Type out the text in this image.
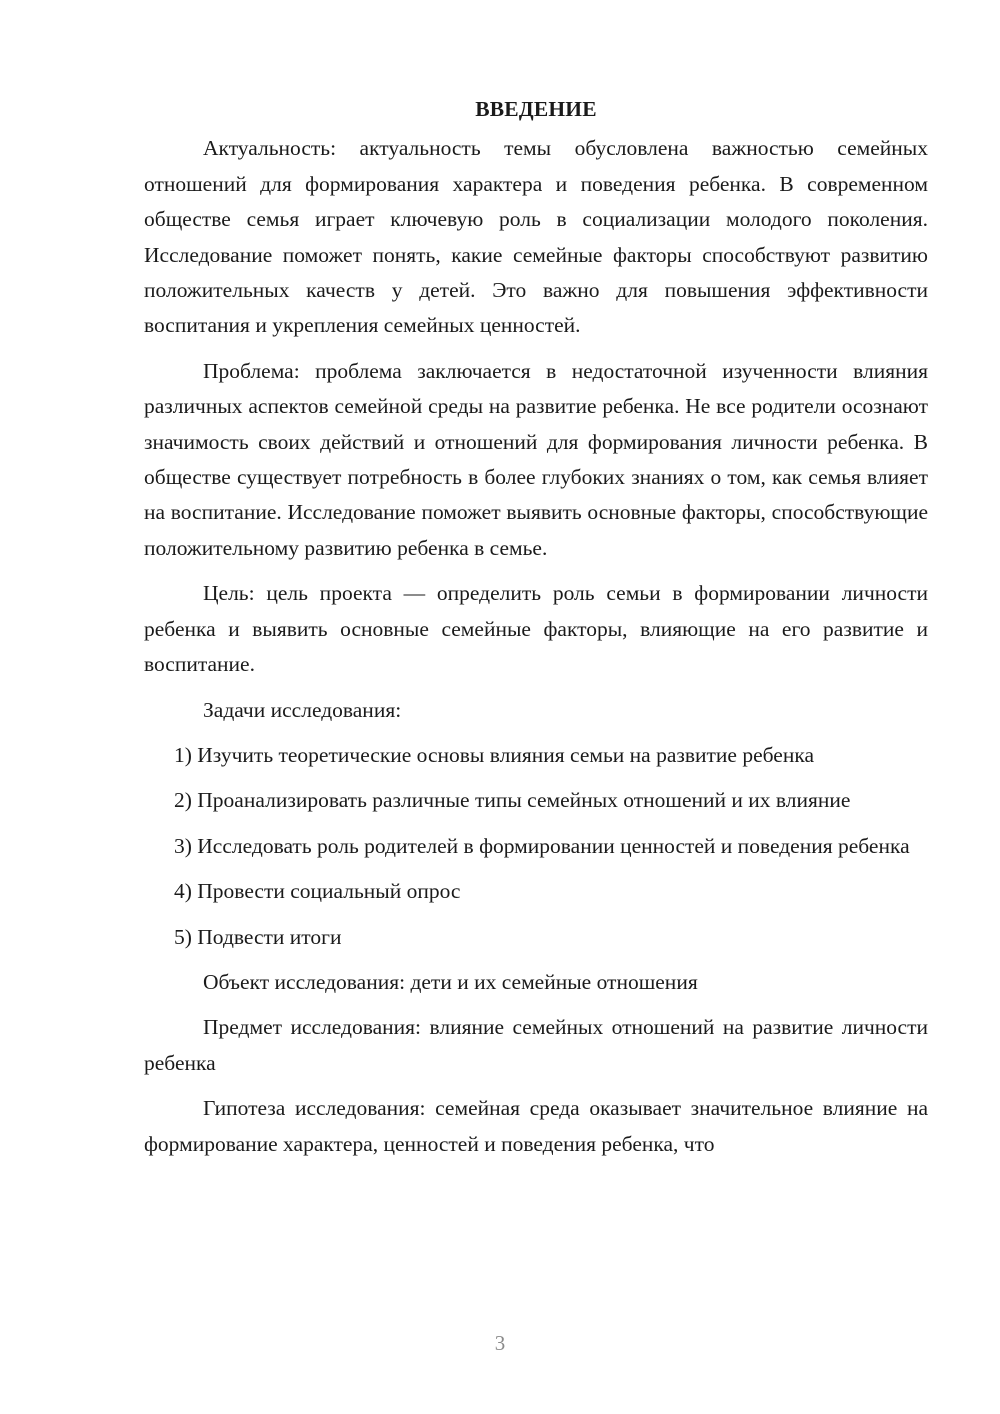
ВВЕДЕНИЕ

Актуальность: актуальность темы обусловлена важностью семейных отношений для формирования характера и поведения ребенка. В современном обществе семья играет ключевую роль в социализации молодого поколения. Исследование поможет понять, какие семейные факторы способствуют развитию положительных качеств у детей. Это важно для повышения эффективности воспитания и укрепления семейных ценностей.

Проблема: проблема заключается в недостаточной изученности влияния различных аспектов семейной среды на развитие ребенка. Не все родители осознают значимость своих действий и отношений для формирования личности ребенка. В обществе существует потребность в более глубоких знаниях о том, как семья влияет на воспитание. Исследование поможет выявить основные факторы, способствующие положительному развитию ребенка в семье.

Цель: цель проекта — определить роль семьи в формировании личности ребенка и выявить основные семейные факторы, влияющие на его развитие и воспитание.

Задачи исследования:

1) Изучить теоретические основы влияния семьи на развитие ребенка

2) Проанализировать различные типы семейных отношений и их влияние

3) Исследовать роль родителей в формировании ценностей и поведения ребенка

4) Провести социальный опрос

5) Подвести итоги

Объект исследования: дети и их семейные отношения

Предмет исследования: влияние семейных отношений на развитие личности ребенка

Гипотеза исследования: семейная среда оказывает значительное влияние на формирование характера, ценностей и поведения ребенка, что

3
